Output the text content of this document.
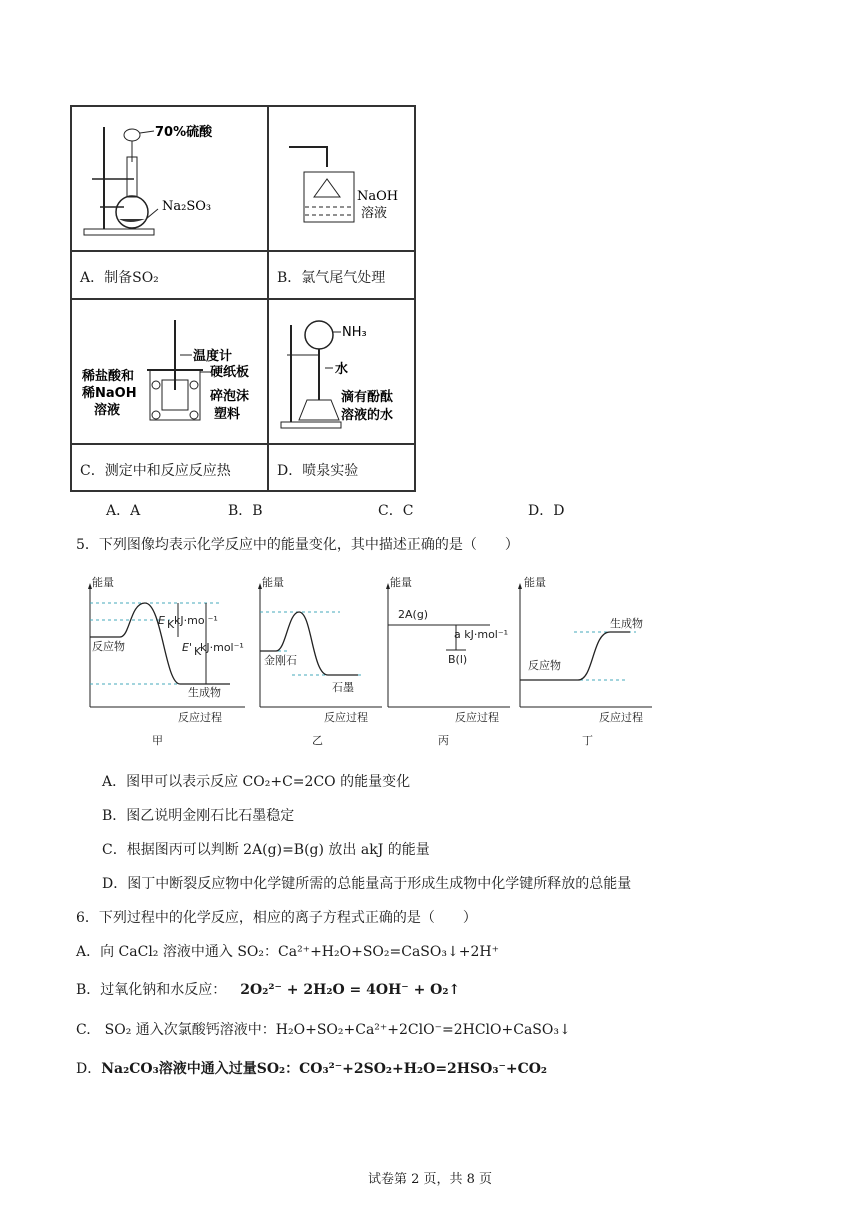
70%硫酸
Na₂SO₃
NaOH
溶液
A．制备SO₂	B．氯气尾气处理
温度计
硬纸板
稀盐酸和
稀NaOH
溶液
碎泡沫
塑料
NH₃
水
滴有酚酞
溶液的水
C．测定中和反应反应热	D．喷泉实验
A．A	B．B	C．C	D．D
5．下列图像均表示化学反应中的能量变化，其中描述正确的是（　　）
能量
E K kJ·mol⁻¹
E' K
kJ·mol⁻¹
反应物
生成物
反应过程
甲
能量
金刚石
石墨
反应过程
乙
能量
2A(g)
B(l)
a kJ·mol⁻¹
反应过程
丙
能量
反应物
生成物
反应过程
丁
A．图甲可以表示反应 CO₂+C=2CO 的能量变化
B．图乙说明金刚石比石墨稳定
C．根据图丙可以判断 2A(g)=B(g) 放出 akJ 的能量
D．图丁中断裂反应物中化学键所需的总能量高于形成生成物中化学键所释放的总能量
6．下列过程中的化学反应，相应的离子方程式正确的是（　　）
A．向 CaCl₂ 溶液中通入 SO₂：Ca²⁺+H₂O+SO₂=CaSO₃↓+2H⁺
B．过氧化钠和水反应： 2O₂²⁻ + 2H₂O = 4OH⁻ + O₂↑
C.　SO₂ 通入次氯酸钙溶液中：H₂O+SO₂+Ca²⁺+2ClO⁻=2HClO+CaSO₃↓
D．Na₂CO₃溶液中通入过量SO₂：CO₃²⁻+2SO₂+H₂O=2HSO₃⁻+CO₂
试卷第 2 页，共 8 页
